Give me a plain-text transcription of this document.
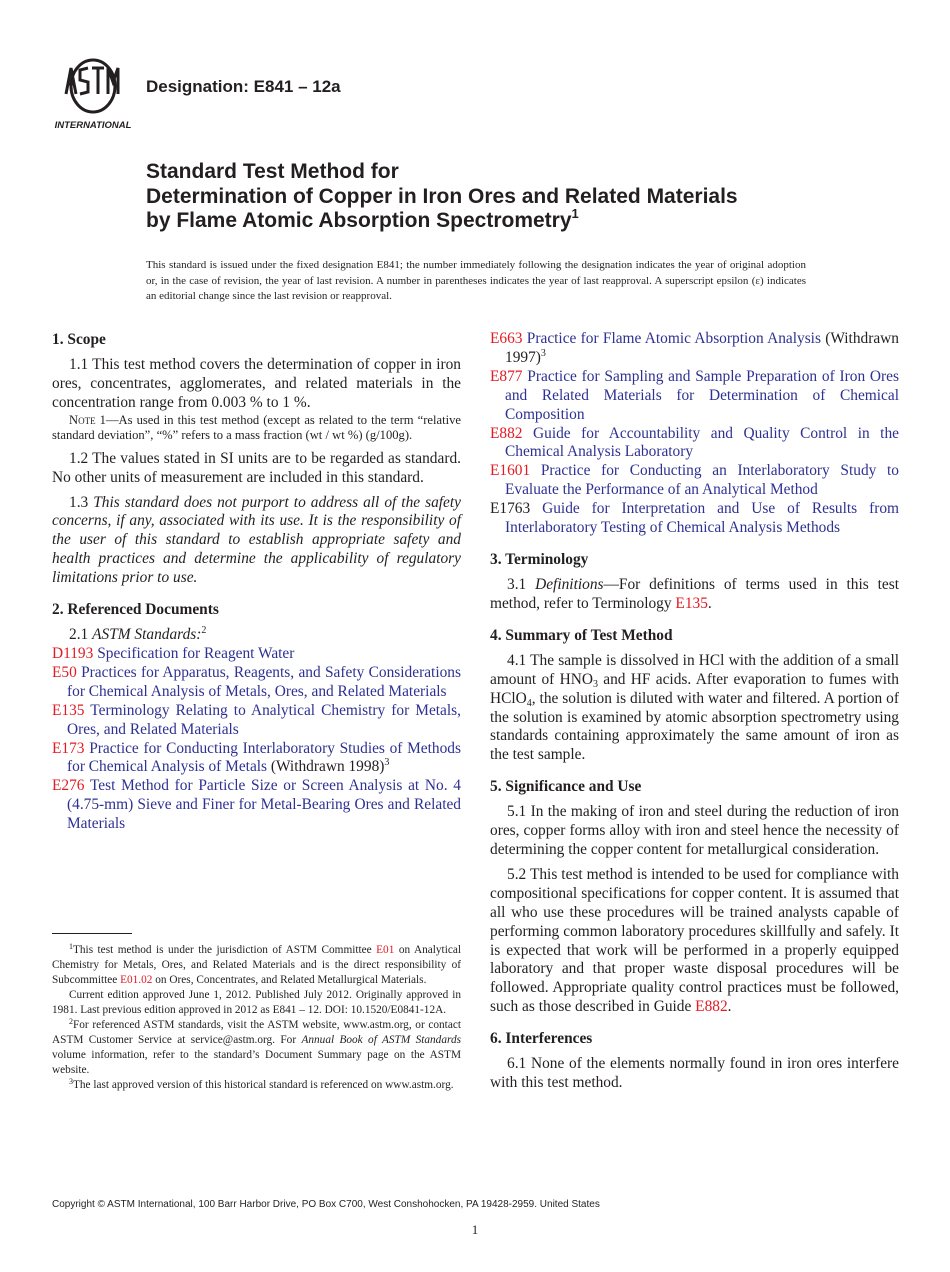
INTERNATIONAL
Designation: E841 – 12a
Standard Test Method for
Determination of Copper in Iron Ores and Related Materials
by Flame Atomic Absorption Spectrometry$^1$
This standard is issued under the fixed designation E841; the number immediately following the designation indicates the year of original adoption or, in the case of revision, the year of last revision. A number in parentheses indicates the year of last reapproval. A superscript epsilon (ε) indicates an editorial change since the last revision or reapproval.
1. Scope

1.1 This test method covers the determination of copper in iron ores, concentrates, agglomerates, and related materials in the concentration range from 0.003 % to 1 %.

Note 1—As used in this test method (except as related to the term “relative standard deviation”, “%” refers to a mass fraction (wt / wt %) (g/100g).

1.2 The values stated in SI units are to be regarded as standard. No other units of measurement are included in this standard.

1.3 This standard does not purport to address all of the safety concerns, if any, associated with its use. It is the responsibility of the user of this standard to establish appropriate safety and health practices and determine the applicability of regulatory limitations prior to use.

2. Referenced Documents

2.1 ASTM Standards:$^2$

D1193 Specification for Reagent Water

E50 Practices for Apparatus, Reagents, and Safety Considerations for Chemical Analysis of Metals, Ores, and Related Materials

E135 Terminology Relating to Analytical Chemistry for Metals, Ores, and Related Materials

E173 Practice for Conducting Interlaboratory Studies of Methods for Chemical Analysis of Metals (Withdrawn 1998)$^3$

E276 Test Method for Particle Size or Screen Analysis at No. 4 (4.75-mm) Sieve and Finer for Metal-Bearing Ores and Related Materials

E663 Practice for Flame Atomic Absorption Analysis (Withdrawn 1997)$^3$

E877 Practice for Sampling and Sample Preparation of Iron Ores and Related Materials for Determination of Chemical Composition

E882 Guide for Accountability and Quality Control in the Chemical Analysis Laboratory

E1601 Practice for Conducting an Interlaboratory Study to Evaluate the Performance of an Analytical Method

E1763 Guide for Interpretation and Use of Results from Interlaboratory Testing of Chemical Analysis Methods

3. Terminology

3.1 Definitions—For definitions of terms used in this test method, refer to Terminology E135.

4. Summary of Test Method

4.1 The sample is dissolved in HCl with the addition of a small amount of $HNO_3$ and HF acids. After evaporation to fumes with HClO$_4$, the solution is diluted with water and filtered. A portion of the solution is examined by atomic absorption spectrometry using standards containing approximately the same amount of iron as the test sample.

5. Significance and Use

5.1 In the making of iron and steel during the reduction of iron ores, copper forms alloy with iron and steel hence the necessity of determining the copper content for metallurgical consideration.

5.2 This test method is intended to be used for compliance with compositional specifications for copper content. It is assumed that all who use these procedures will be trained analysts capable of performing common laboratory procedures skillfully and safely. It is expected that work will be performed in a properly equipped laboratory and that proper waste disposal procedures will be followed. Appropriate quality control practices must be followed, such as those described in Guide E882.

6. Interferences

6.1 None of the elements normally found in iron ores interfere with this test method.

$^1$This test method is under the jurisdiction of ASTM Committee E01 on Analytical Chemistry for Metals, Ores, and Related Materials and is the direct responsibility of Subcommittee E01.02 on Ores, Concentrates, and Related Metallurgical Materials.

Current edition approved June 1, 2012. Published July 2012. Originally approved in 1981. Last previous edition approved in 2012 as E841 – 12. DOI: 10.1520/E0841-12A.

$^2$For referenced ASTM standards, visit the ASTM website, www.astm.org, or contact ASTM Customer Service at service@astm.org. For Annual Book of ASTM Standards volume information, refer to the standard’s Document Summary page on the ASTM website.

$^3$The last approved version of this historical standard is referenced on www.astm.org.

Copyright © ASTM International, 100 Barr Harbor Drive, PO Box C700, West Conshohocken, PA 19428-2959. United States
1
